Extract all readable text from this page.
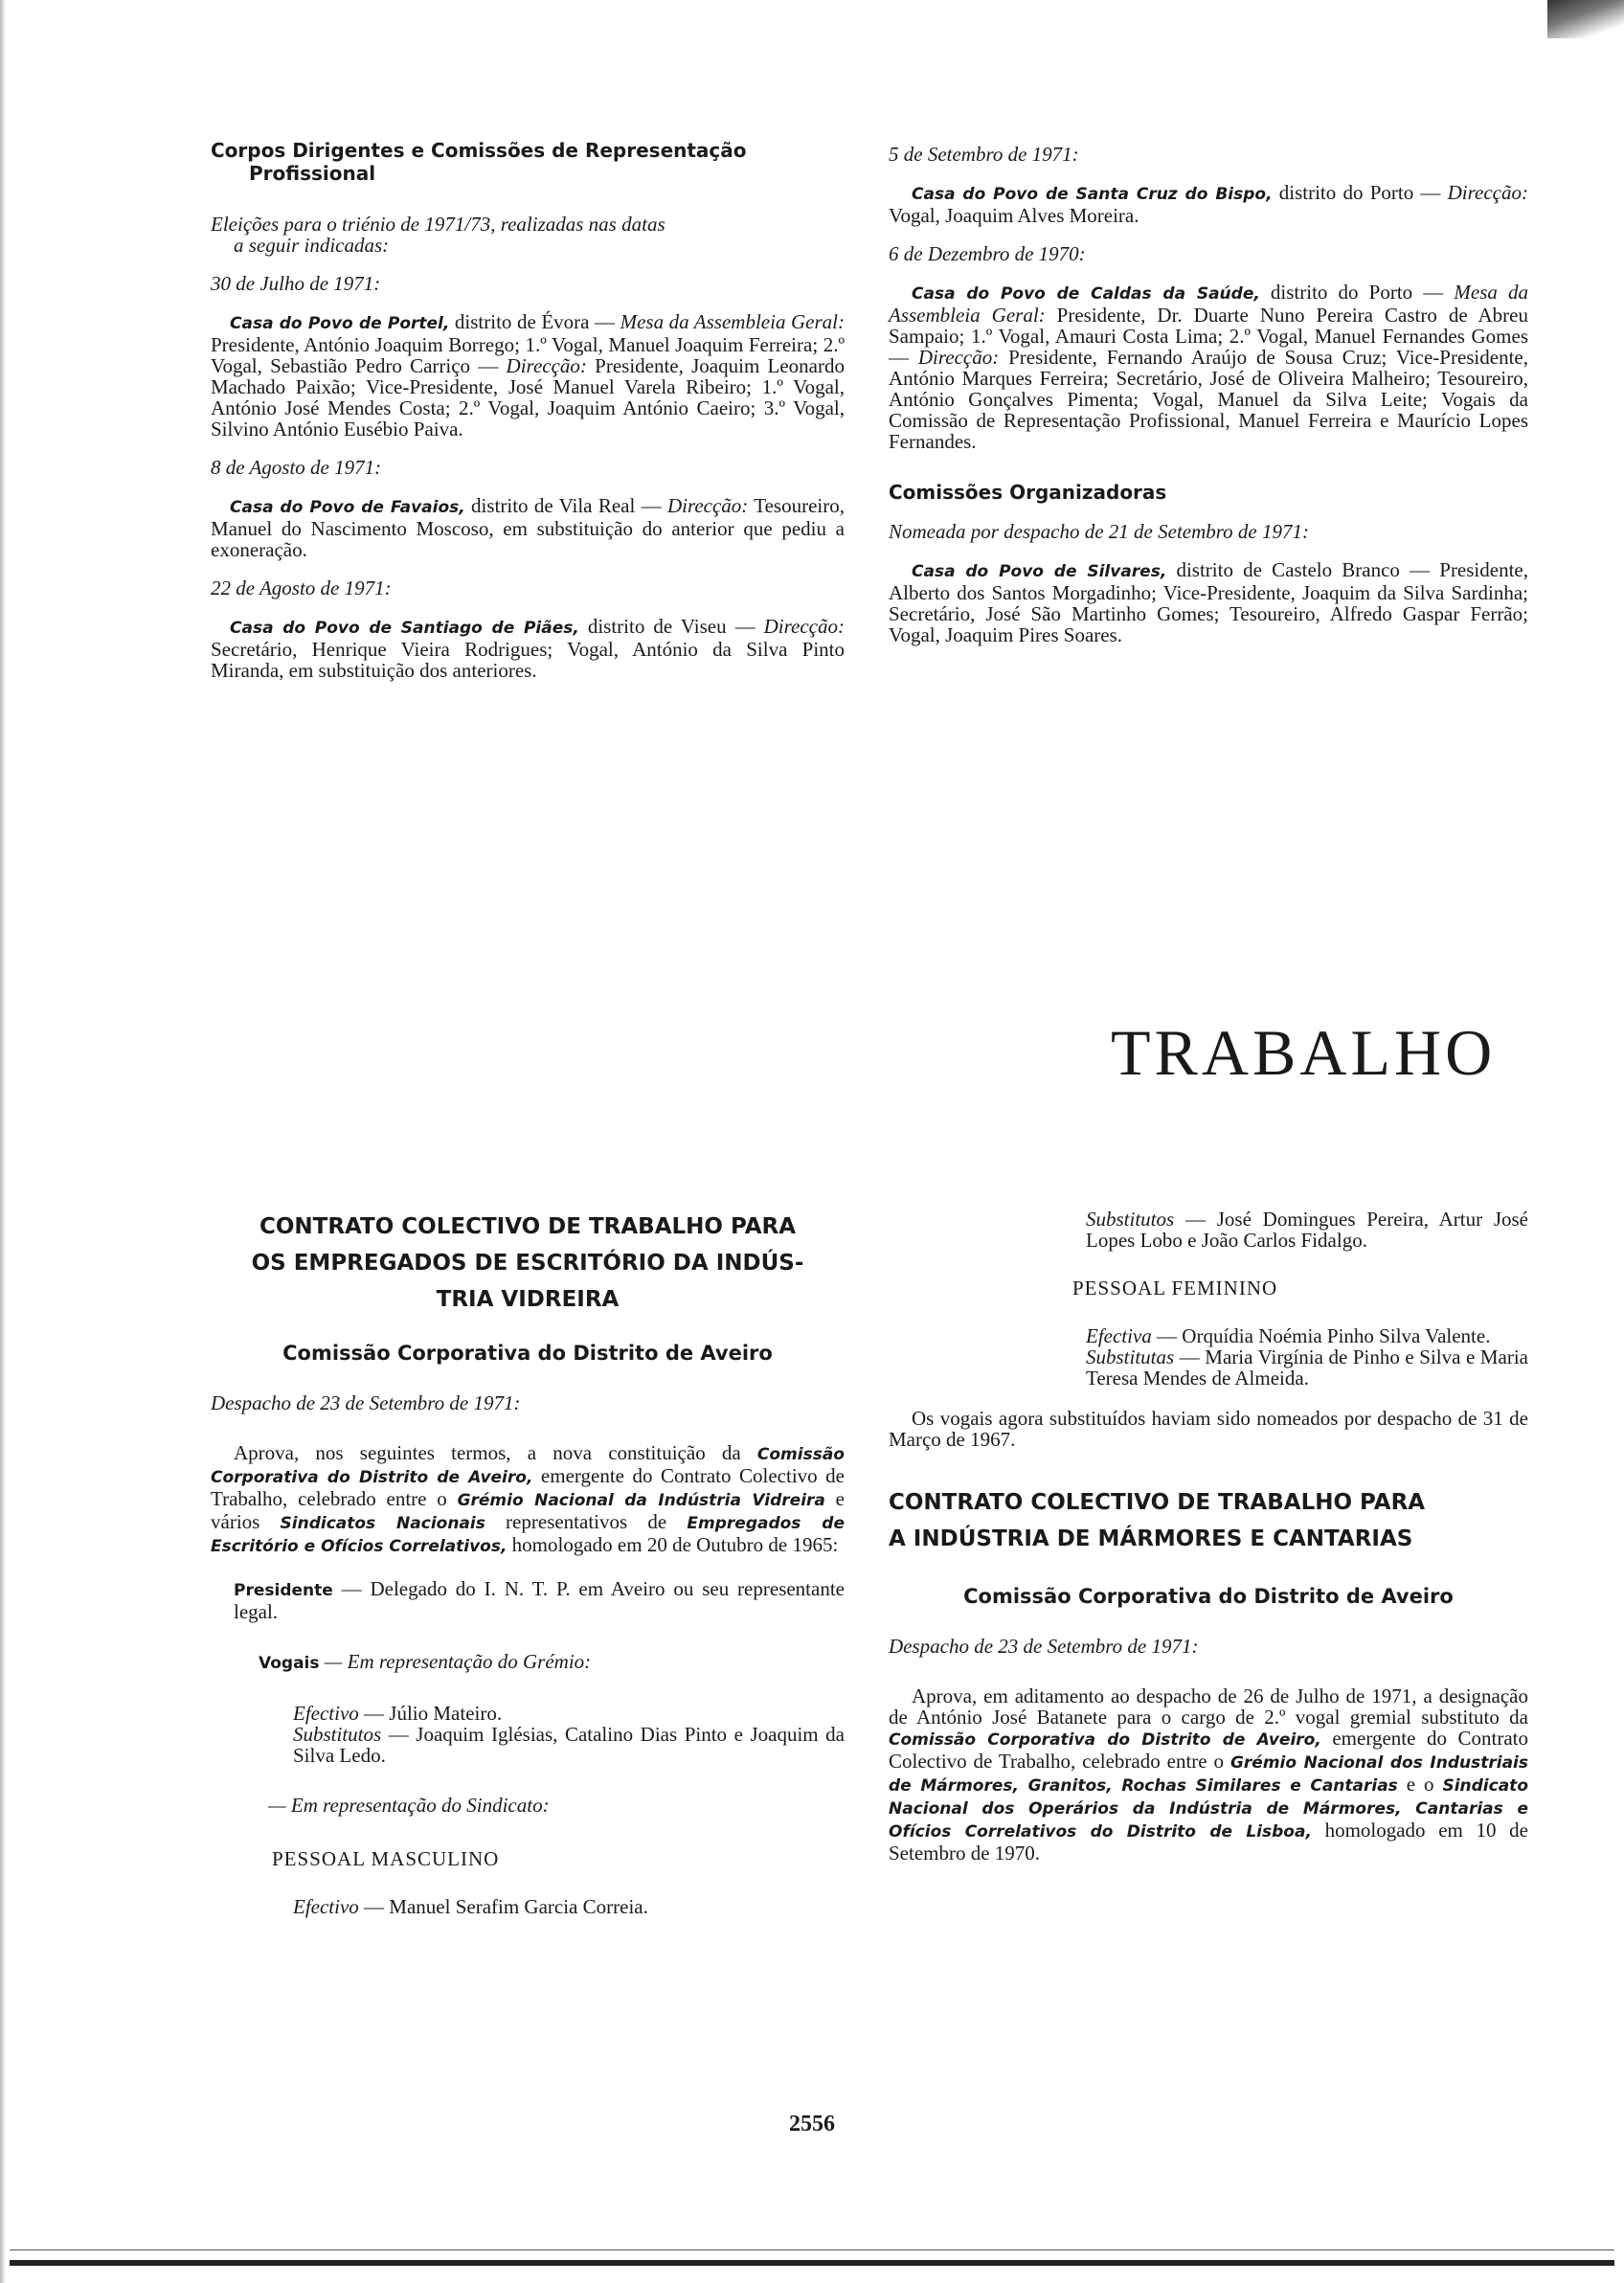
Corpos Dirigentes e Comissões de Representação
Profissional
Eleições para o triénio de 1971/73, realizadas nas datas
a seguir indicadas:
30 de Julho de 1971:

Casa do Povo de Portel, distrito de Évora — Mesa da Assembleia Geral: Presidente, António Joaquim Borrego; 1.º Vogal, Manuel Joaquim Ferreira; 2.º Vogal, Sebastião Pedro Carriço — Direcção: Presidente, Joaquim Leonardo Machado Paixão; Vice-Presidente, José Manuel Varela Ribeiro; 1.º Vogal, António José Mendes Costa; 2.º Vogal, Joaquim António Caeiro; 3.º Vogal, Silvino António Eusébio Paiva.

8 de Agosto de 1971:

Casa do Povo de Favaios, distrito de Vila Real — Direcção: Tesoureiro, Manuel do Nascimento Moscoso, em substituição do anterior que pediu a exoneração.

22 de Agosto de 1971:

Casa do Povo de Santiago de Piães, distrito de Viseu — Direcção: Secretário, Henrique Vieira Rodrigues; Vogal, António da Silva Pinto Miranda, em substituição dos anteriores.

5 de Setembro de 1971:

Casa do Povo de Santa Cruz do Bispo, distrito do Porto — Direcção: Vogal, Joaquim Alves Moreira.

6 de Dezembro de 1970:

Casa do Povo de Caldas da Saúde, distrito do Porto — Mesa da Assembleia Geral: Presidente, Dr. Duarte Nuno Pereira Castro de Abreu Sampaio; 1.º Vogal, Amauri Costa Lima; 2.º Vogal, Manuel Fernandes Gomes — Direcção: Presidente, Fernando Araújo de Sousa Cruz; Vice-Presidente, António Marques Ferreira; Secretário, José de Oliveira Malheiro; Tesoureiro, António Gonçalves Pimenta; Vogal, Manuel da Silva Leite; Vogais da Comissão de Representação Profissional, Manuel Ferreira e Maurício Lopes Fernandes.

Comissões Organizadoras
Nomeada por despacho de 21 de Setembro de 1971:

Casa do Povo de Silvares, distrito de Castelo Branco — Presidente, Alberto dos Santos Morgadinho; Vice-Presidente, Joaquim da Silva Sardinha; Secretário, José São Martinho Gomes; Tesoureiro, Alfredo Gaspar Ferrão; Vogal, Joaquim Pires Soares.

TRABALHO
CONTRATO COLECTIVO DE TRABALHO PARA
OS EMPREGADOS DE ESCRITÓRIO DA INDÚS-
TRIA VIDREIRA
Comissão Corporativa do Distrito de Aveiro
Despacho de 23 de Setembro de 1971:

Aprova, nos seguintes termos, a nova constituição da Comissão Corporativa do Distrito de Aveiro, emergente do Contrato Colectivo de Trabalho, celebrado entre o Grémio Nacional da Indústria Vidreira e vários Sindicatos Nacionais representativos de Empregados de Escritório e Ofícios Correlativos, homologado em 20 de Outubro de 1965:

Presidente — Delegado do I. N. T. P. em Aveiro ou seu representante legal.

Vogais — Em representação do Grémio:

Efectivo — Júlio Mateiro.

Substitutos — Joaquim Iglésias, Catalino Dias Pinto e Joaquim da Silva Ledo.

— Em representação do Sindicato:

PESSOAL MASCULINO

Efectivo — Manuel Serafim Garcia Correia.

Substitutos — José Domingues Pereira, Artur José Lopes Lobo e João Carlos Fidalgo.

PESSOAL FEMININO

Efectiva — Orquídia Noémia Pinho Silva Valente.

Substitutas — Maria Virgínia de Pinho e Silva e Maria Teresa Mendes de Almeida.

Os vogais agora substituídos haviam sido nomeados por despacho de 31 de Março de 1967.

CONTRATO COLECTIVO DE TRABALHO PARA
A INDÚSTRIA DE MÁRMORES E CANTARIAS
Comissão Corporativa do Distrito de Aveiro
Despacho de 23 de Setembro de 1971:

Aprova, em aditamento ao despacho de 26 de Julho de 1971, a designação de António José Batanete para o cargo de 2.º vogal gremial substituto da Comissão Corporativa do Distrito de Aveiro, emergente do Contrato Colectivo de Trabalho, celebrado entre o Grémio Nacional dos Industriais de Mármores, Granitos, Rochas Similares e Cantarias e o Sindicato Nacional dos Operários da Indústria de Mármores, Cantarias e Ofícios Correlativos do Distrito de Lisboa, homologado em 10 de Setembro de 1970.

2556
